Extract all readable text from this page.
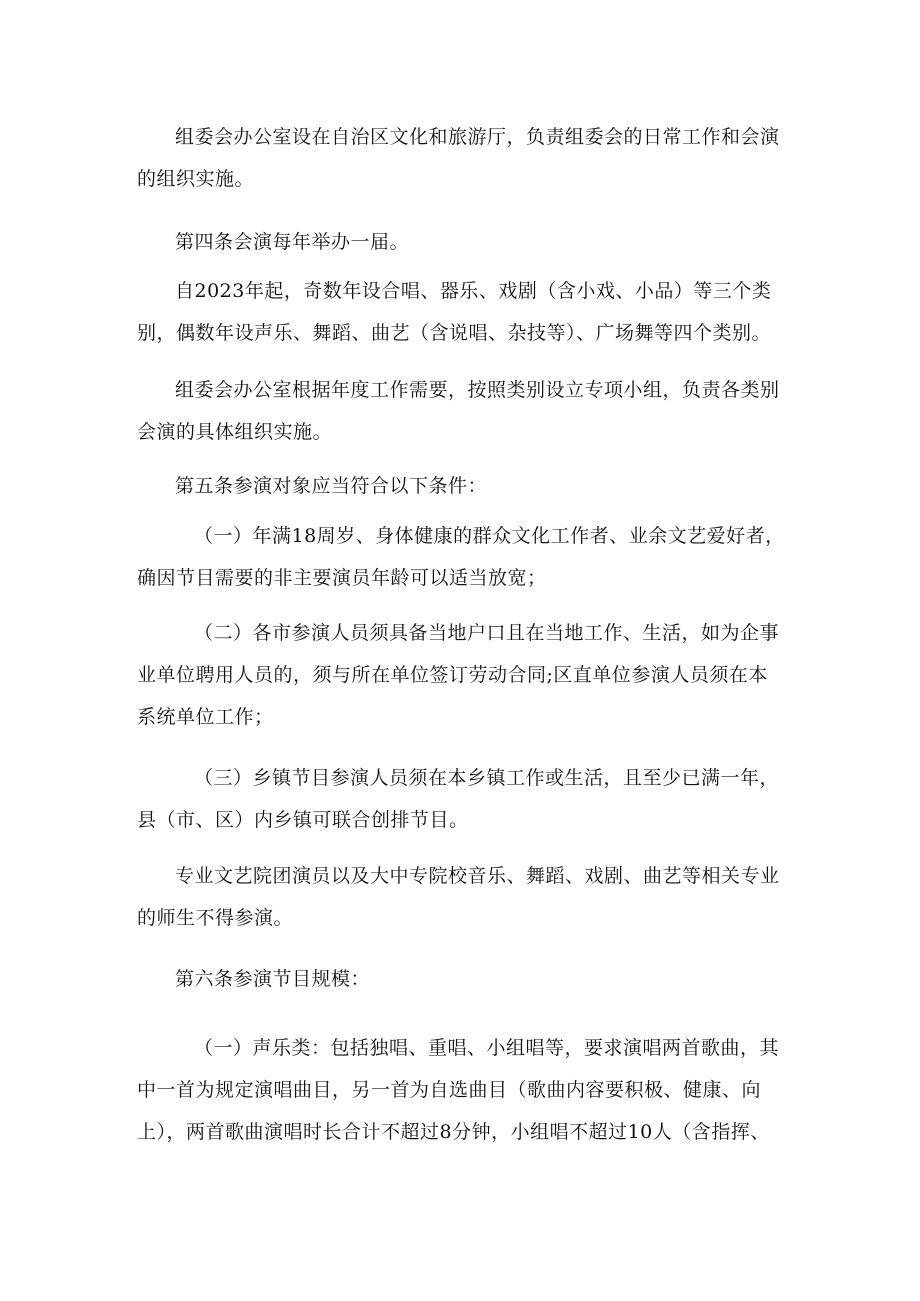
组委会办公室设在自治区文化和旅游厅，负责组委会的日常工作和会演
的组织实施。

第四条会演每年举办一届。

自2023年起，奇数年设合唱、器乐、戏剧（含小戏、小品）等三个类
别，偶数年设声乐、舞蹈、曲艺（含说唱、杂技等）、广场舞等四个类别。

组委会办公室根据年度工作需要，按照类别设立专项小组，负责各类别
会演的具体组织实施。

第五条参演对象应当符合以下条件：

（一）年满18周岁、身体健康的群众文化工作者、业余文艺爱好者，
确因节目需要的非主要演员年龄可以适当放宽；

（二）各市参演人员须具备当地户口且在当地工作、生活，如为企事
业单位聘用人员的，须与所在单位签订劳动合同;区直单位参演人员须在本
系统单位工作；

（三）乡镇节目参演人员须在本乡镇工作或生活，且至少已满一年，
县（市、区）内乡镇可联合创排节目。

专业文艺院团演员以及大中专院校音乐、舞蹈、戏剧、曲艺等相关专业
的师生不得参演。

第六条参演节目规模：

（一）声乐类：包括独唱、重唱、小组唱等，要求演唱两首歌曲，其
中一首为规定演唱曲目，另一首为自选曲目（歌曲内容要积极、健康、向
上），两首歌曲演唱时长合计不超过8分钟，小组唱不超过10人（含指挥、
